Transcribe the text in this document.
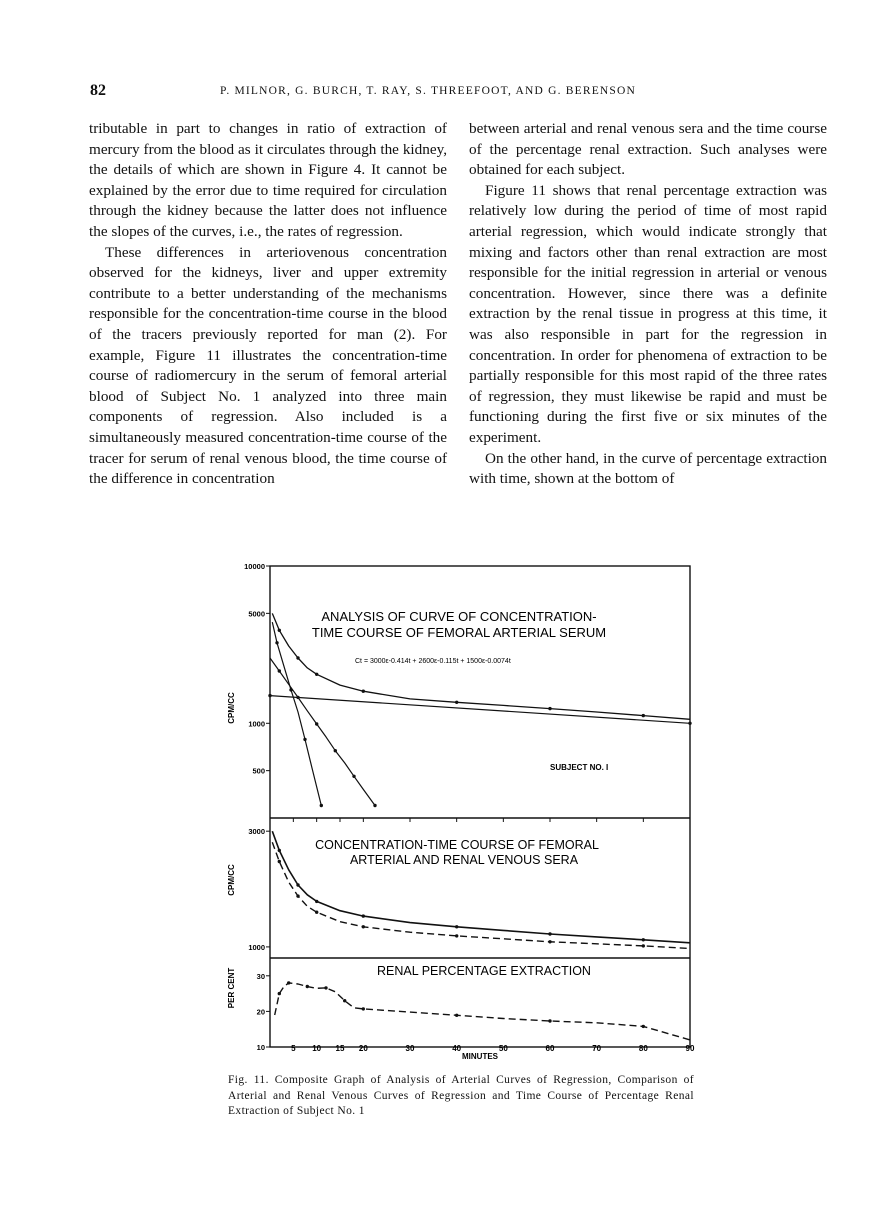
82	P. MILNOR, G. BURCH, T. RAY, S. THREEFOOT, AND G. BERENSON

tributable in part to changes in ratio of extraction of mercury from the blood as it circulates through the kidney, the details of which are shown in Figure 4. It cannot be explained by the error due to time required for circulation through the kidney because the latter does not influence the slopes of the curves, i.e., the rates of regression.

These differences in arteriovenous concentration observed for the kidneys, liver and upper extremity contribute to a better understanding of the mechanisms responsible for the concentration-time course in the blood of the tracers previously reported for man (2). For example, Figure 11 illustrates the concentration-time course of radiomercury in the serum of femoral arterial blood of Subject No. 1 analyzed into three main components of regression. Also included is a simultaneously measured concentration-time course of the tracer for serum of renal venous blood, the time course of the difference in concentration

between arterial and renal venous sera and the time course of the percentage renal extraction. Such analyses were obtained for each subject.

Figure 11 shows that renal percentage extraction was relatively low during the period of time of most rapid arterial regression, which would indicate strongly that mixing and factors other than renal extraction are most responsible for the initial regression in arterial or venous concentration. However, since there was a definite extraction by the renal tissue in progress at this time, it was also responsible in part for the regression in concentration. In order for phenomena of extraction to be partially responsible for this most rapid of the three rates of regression, they must likewise be rapid and must be functioning during the first five or six minutes of the experiment.

On the other hand, in the curve of percentage extraction with time, shown at the bottom of

ANALYSIS OF CURVE OF CONCENTRATION-
TIME COURSE OF FEMORAL ARTERIAL SERUM
Ct = 3000ε-0.414t + 2600ε-0.115t + 1500ε-0.0074t
SUBJECT NO. I
CONCENTRATION-TIME COURSE OF FEMORAL
ARTERIAL AND RENAL VENOUS SERA
RENAL PERCENTAGE EXTRACTION
CPM/CC
CPM/CC
PER CENT
MINUTES
10000
5000
1000
500
5 10 15 20	30	40	50	60	70	80	90
3000
1000
30
20
10
Fig. 11. Composite Graph of Analysis of Arterial Curves of Regression, Comparison of Arterial and Renal Venous Curves of Regression and Time Course of Percentage Renal Extraction of Subject No. 1
